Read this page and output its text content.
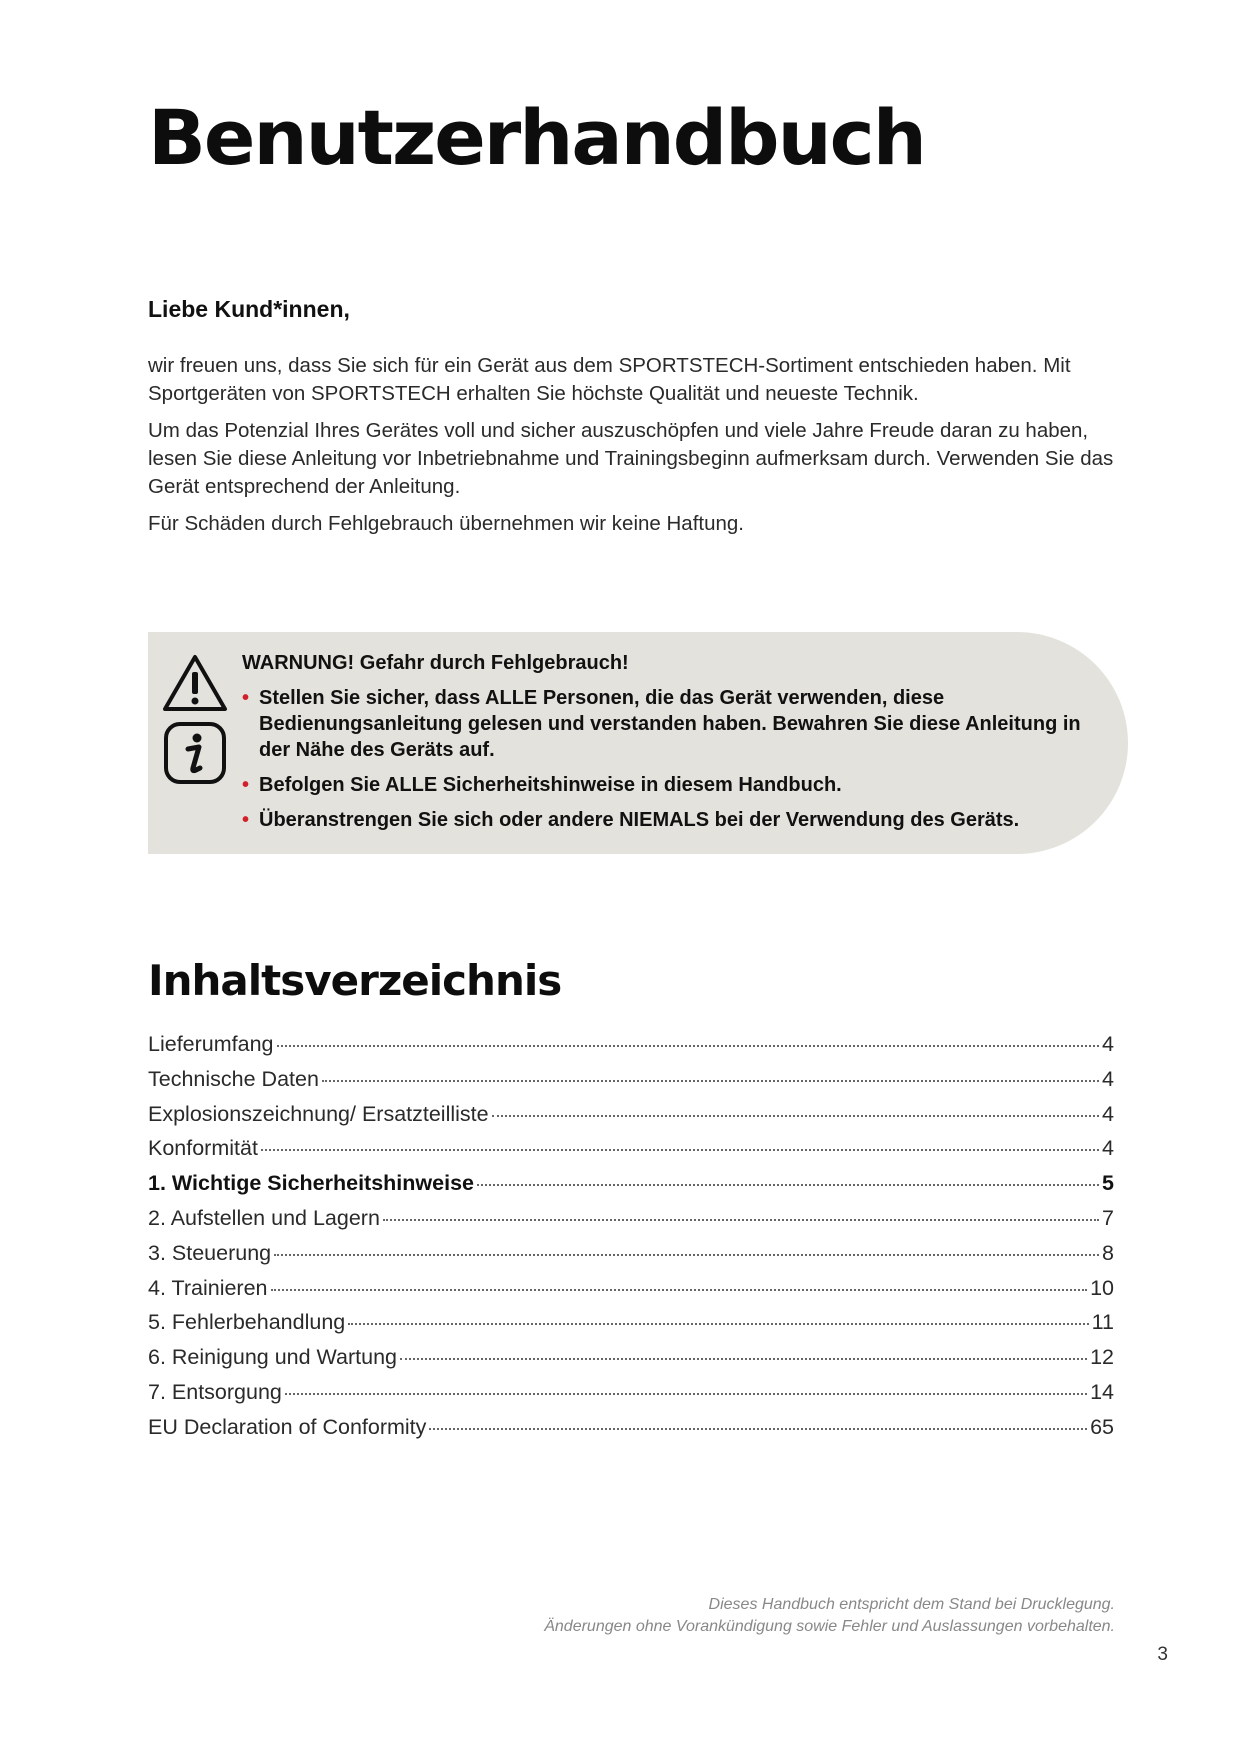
Benutzerhandbuch
Liebe Kund*innen,

wir freuen uns, dass Sie sich für ein Gerät aus dem SPORTSTECH-Sortiment entschieden haben. Mit Sportgeräten von SPORTSTECH erhalten Sie höchste Qualität und neueste Technik.

Um das Potenzial Ihres Gerätes voll und sicher auszuschöpfen und viele Jahre Freude daran zu haben, lesen Sie diese Anleitung vor Inbetriebnahme und Trainingsbeginn aufmerksam durch. Verwenden Sie das Gerät entsprechend der Anleitung.

Für Schäden durch Fehlgebrauch übernehmen wir keine Haftung.

WARNUNG! Gefahr durch Fehlgebrauch!
• Stellen Sie sicher, dass ALLE Personen, die das Gerät verwenden, diese Bedienungsanleitung gelesen und verstanden haben. Bewahren Sie diese Anleitung in der Nähe des Geräts auf.
• Befolgen Sie ALLE Sicherheitshinweise in diesem Handbuch.
• Überanstrengen Sie sich oder andere NIEMALS bei der Verwendung des Geräts.
Inhaltsverzeichnis
Lieferumfang	4
Technische Daten	4
Explosionszeichnung/ Ersatzteilliste	4
Konformität	4
1. Wichtige Sicherheitshinweise	5
2. Aufstellen und Lagern	7
3. Steuerung	8
4. Trainieren	10
5. Fehlerbehandlung	11
6. Reinigung und Wartung	12
7. Entsorgung	14
EU Declaration of Conformity	65
Dieses Handbuch entspricht dem Stand bei Drucklegung.
Änderungen ohne Vorankündigung sowie Fehler und Auslassungen vorbehalten.
3
